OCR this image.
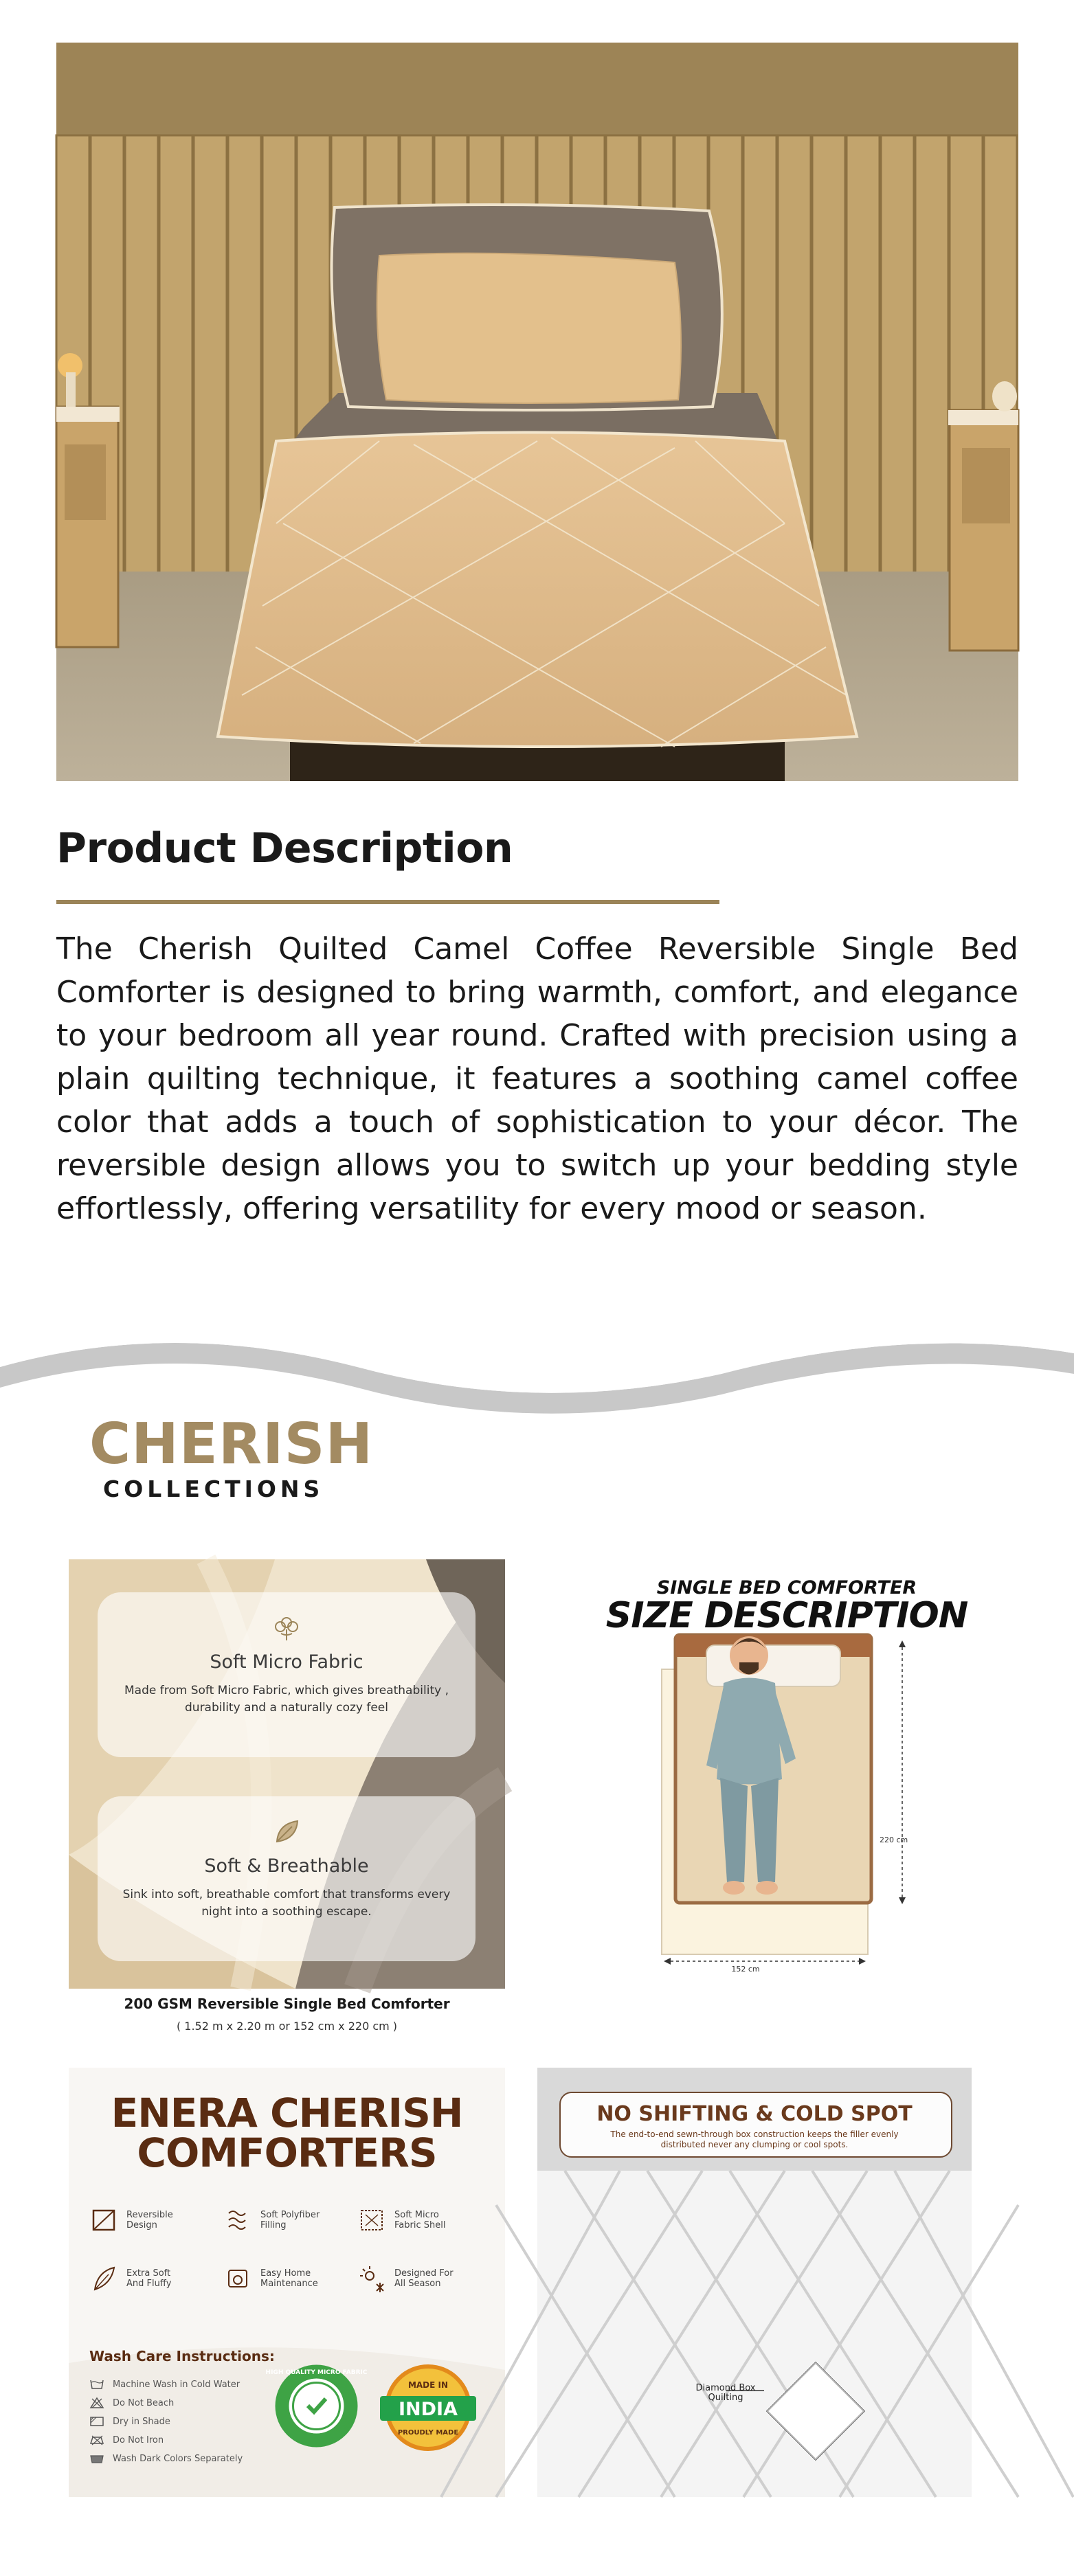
Product Description
The Cherish Quilted Camel Coffee Reversible Single Bed Comforter is designed to bring warmth, comfort, and elegance to your bedroom all year round. Crafted with precision using a plain quilting technique, it features a soothing camel coffee color that adds a touch of sophistication to your décor. The reversible design allows you to switch up your bedding style effortlessly, offering versatility for every mood or season.
CHERISH
COLLECTIONS
Soft Micro Fabric
Made from Soft Micro Fabric, which gives breathability , durability and a naturally cozy feel
Soft & Breathable
Sink into soft, breathable comfort that transforms every night into a soothing escape.
200 GSM Reversible Single Bed Comforter
( 1.52 m x 2.20 m or 152 cm x 220 cm )
SINGLE BED COMFORTER
SIZE DESCRIPTION
152 cm
220 cm
ENERA CHERISH
COMFORTERS
Reversible Design
Soft Polyfiber Filling
Soft Micro Fabric Shell
Extra Soft And Fluffy
Easy Home Maintenance
Designed For All Season
Wash Care Instructions:
Machine Wash in Cold Water
Do Not Beach
Dry in Shade
Do Not Iron
Wash Dark Colors Separately
HIGH QUALITY MICRO FABRIC
MADE IN
INDIA
PROUDLY MADE
NO SHIFTING & COLD SPOT
The end-to-end sewn-through box construction keeps the filler evenly distributed never any clumping or cool spots.
Diamond Box Quilting
